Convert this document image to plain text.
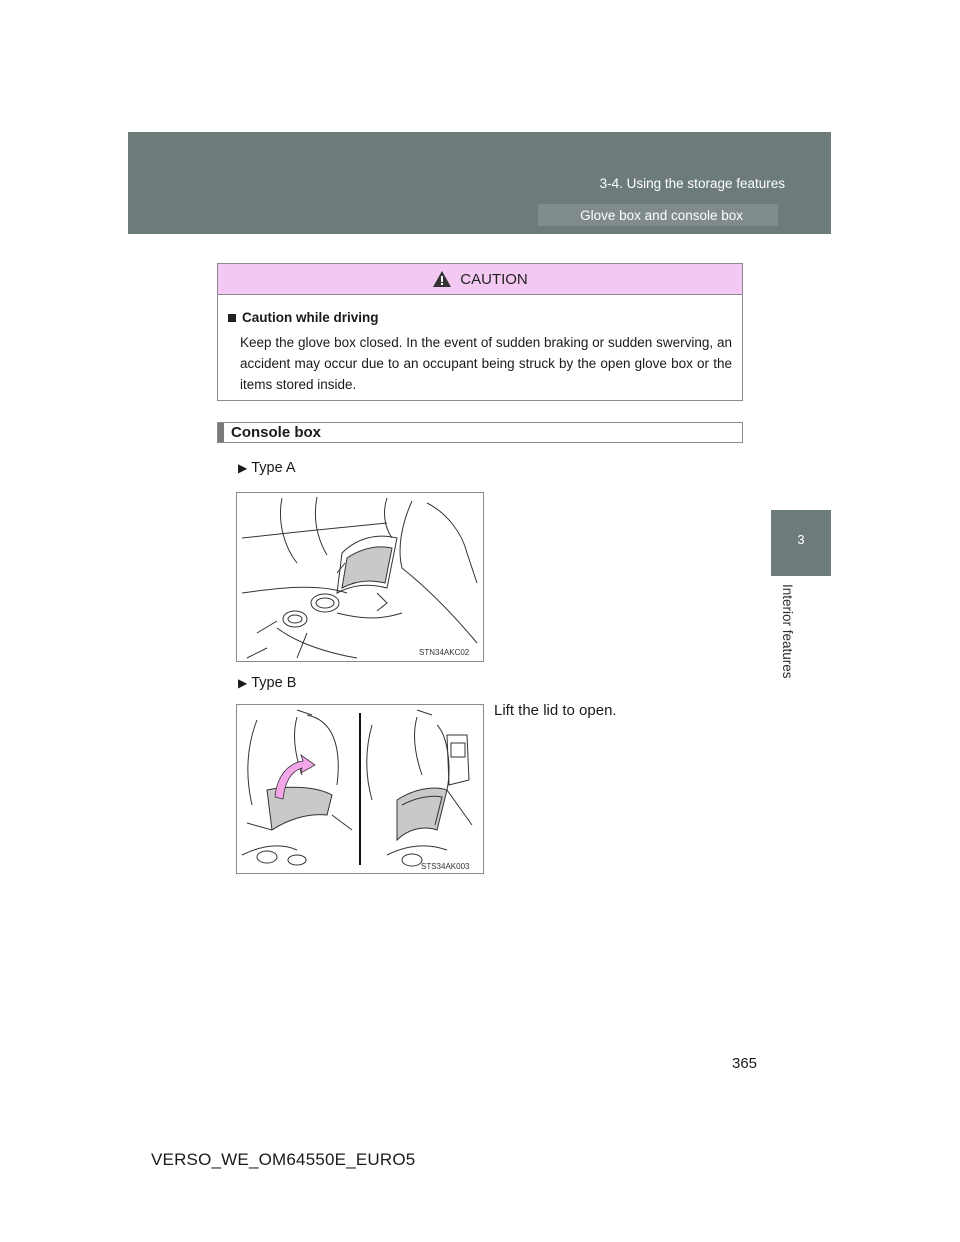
3-4. Using the storage features
Glove box and console box
3
Interior features
CAUTION
Caution while driving
Keep the glove box closed. In the event of sudden braking or sudden swerving, an accident may occur due to an occupant being struck by the open glove box or the items stored inside.
Console box
▶ Type A
STN34AKC02
▶ Type B
Lift the lid to open.
STS34AK003
365
VERSO_WE_OM64550E_EURO5
